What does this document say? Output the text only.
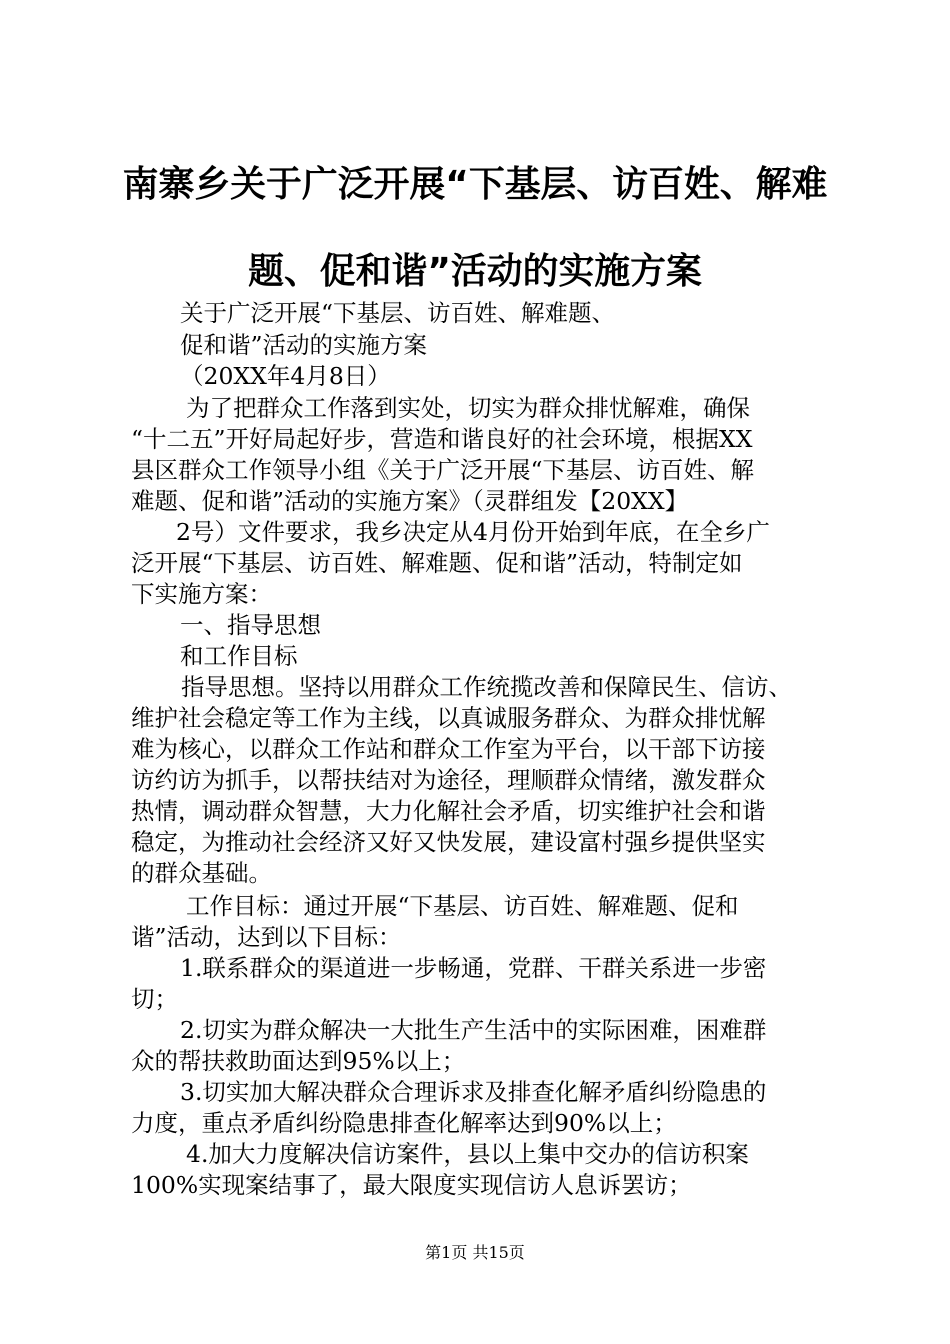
南寨乡关于广泛开展“下基层、访百姓、解难
题、促和谐”活动的实施方案
关于广泛开展“下基层、访百姓、解难题、
促和谐”活动的实施方案
（20XX年4月8日）
为了把群众工作落到实处，切实为群众排忧解难，确保
“十二五”开好局起好步，营造和谐良好的社会环境，根据XX
县区群众工作领导小组《关于广泛开展“下基层、访百姓、解
难题、促和谐”活动的实施方案》（灵群组发【20XX】
2号）文件要求，我乡决定从4月份开始到年底，在全乡广
泛开展“下基层、访百姓、解难题、促和谐”活动，特制定如
下实施方案：
一、指导思想
和工作目标
指导思想。坚持以用群众工作统揽改善和保障民生、信访、
维护社会稳定等工作为主线，以真诚服务群众、为群众排忧解
难为核心，以群众工作站和群众工作室为平台，以干部下访接
访约访为抓手，以帮扶结对为途径，理顺群众情绪，激发群众
热情，调动群众智慧，大力化解社会矛盾，切实维护社会和谐
稳定，为推动社会经济又好又快发展，建设富村强乡提供坚实
的群众基础。
工作目标：通过开展“下基层、访百姓、解难题、促和
谐”活动，达到以下目标：
1.联系群众的渠道进一步畅通，党群、干群关系进一步密
切；
2.切实为群众解决一大批生产生活中的实际困难，困难群
众的帮扶救助面达到95%以上；
3.切实加大解决群众合理诉求及排查化解矛盾纠纷隐患的
力度，重点矛盾纠纷隐患排查化解率达到90%以上；
4.加大力度解决信访案件，县以上集中交办的信访积案
100%实现案结事了，最大限度实现信访人息诉罢访；
第1页 共15页
